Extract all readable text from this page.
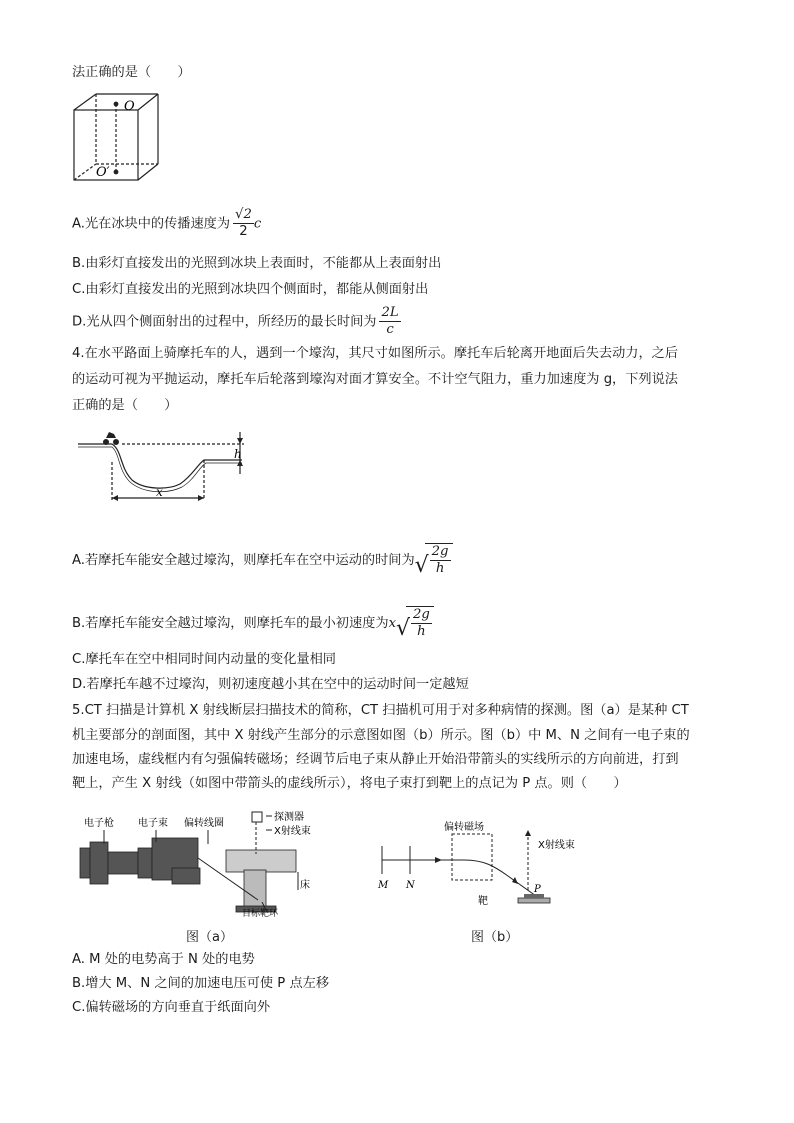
法正确的是（　　）
O
O′
A.光在冰块中的传播速度为 $\frac{√2}{2}$ c
B.由彩灯直接发出的光照到冰块上表面时，不能都从上表面射出
C.由彩灯直接发出的光照到冰块四个侧面时，都能从侧面射出
D.光从四个侧面射出的过程中，所经历的最长时间为 $\frac{2L}{c}$
4.在水平路面上骑摩托车的人，遇到一个壕沟，其尺寸如图所示。摩托车后轮离开地面后失去动力，之后
的运动可视为平抛运动，摩托车后轮落到壕沟对面才算安全。不计空气阻力，重力加速度为 g，下列说法
正确的是（　　）
h
x
A.若摩托车能安全越过壕沟，则摩托车在空中运动的时间为 √ $\frac{2g}{h}$
B.若摩托车能安全越过壕沟，则摩托车的最小初速度为x √ $\frac{2g}{h}$
C.摩托车在空中相同时间内动量的变化量相同
D.若摩托车越不过壕沟，则初速度越小其在空中的运动时间一定越短
5.CT 扫描是计算机 X 射线断层扫描技术的简称，CT 扫描机可用于对多种病情的探测。图（a）是某种 CT
机主要部分的剖面图，其中 X 射线产生部分的示意图如图（b）所示。图（b）中 M、N 之间有一电子束的
加速电场，虚线框内有匀强偏转磁场；经调节后电子束从静止开始沿带箭头的实线所示的方向前进，打到
靶上，产生 X 射线（如图中带箭头的虚线所示），将电子束打到靶上的点记为 P 点。则（　　）
电子枪 电子束 偏转线圈
探测器
X射线束
床
目标靶环
偏转磁场
X射线束
M N
靶
P
图（a）	图（b）
A. M 处的电势高于 N 处的电势
B.增大 M、N 之间的加速电压可使 P 点左移
C.偏转磁场的方向垂直于纸面向外
